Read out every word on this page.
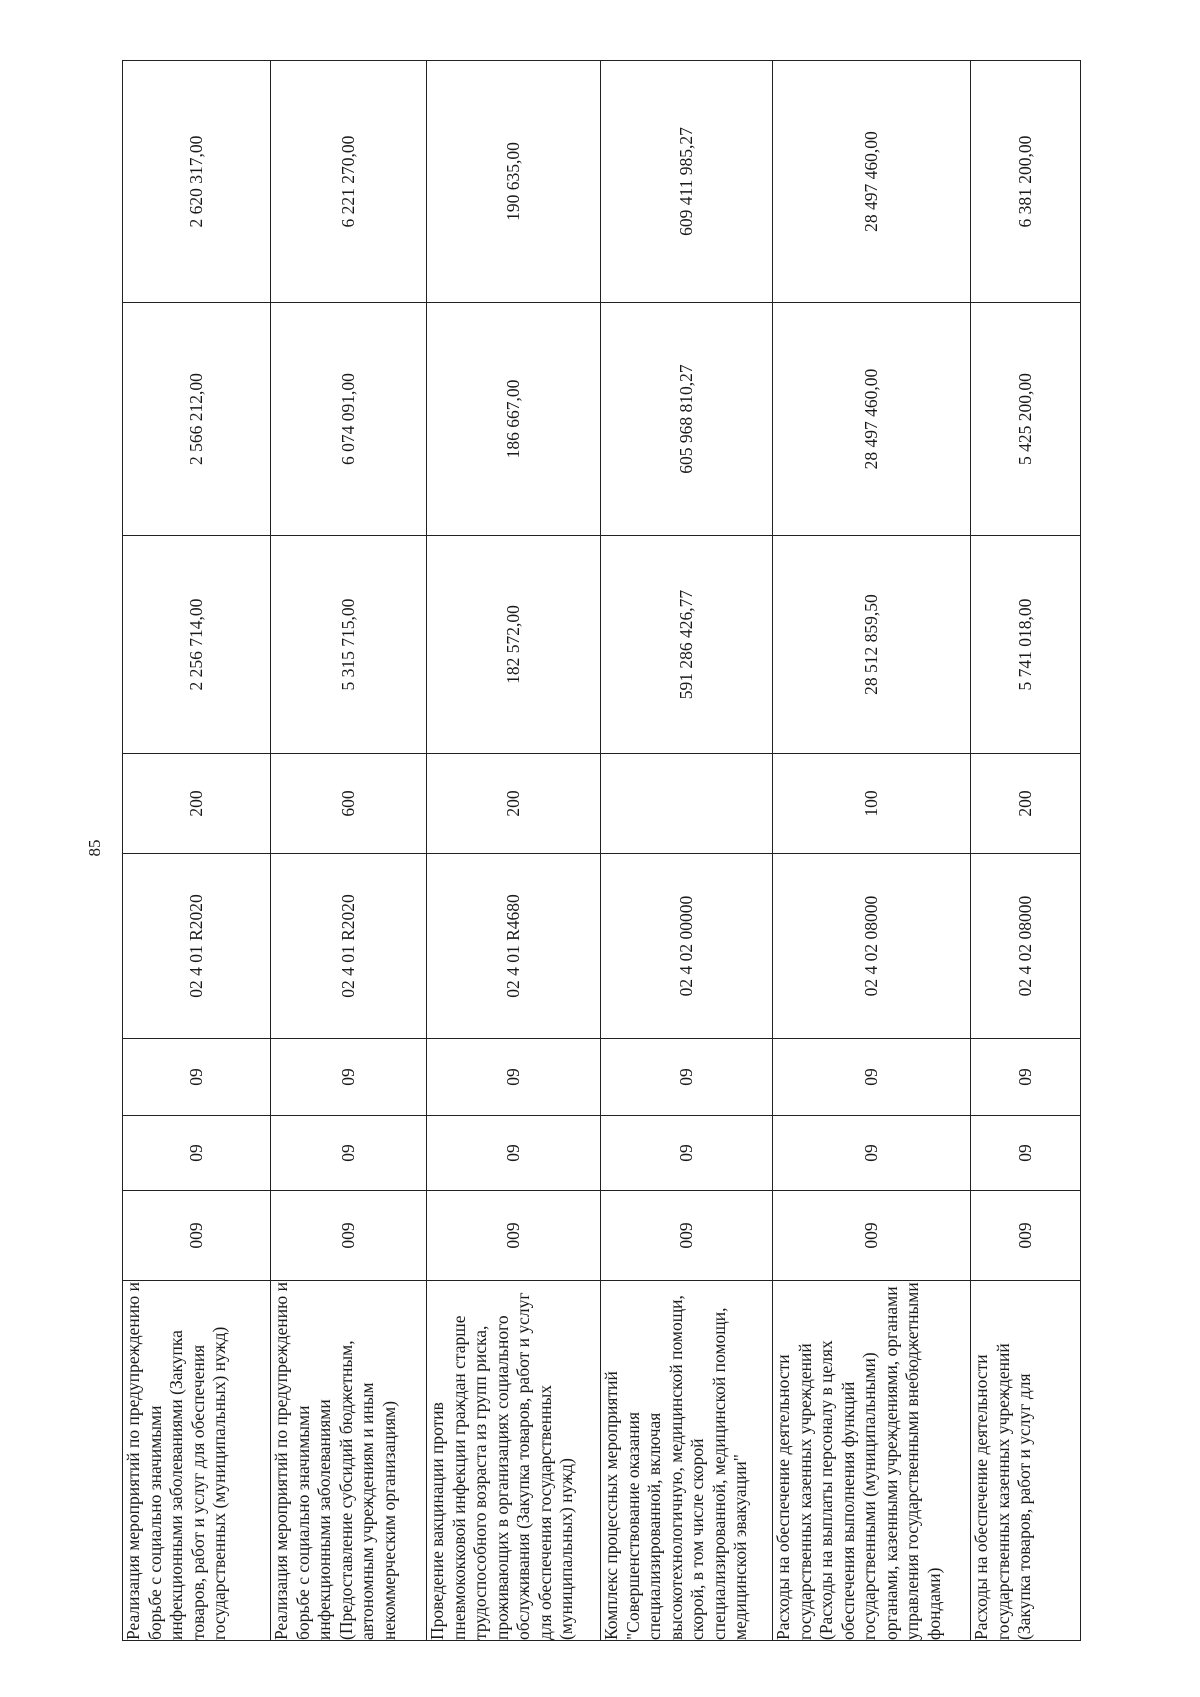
85
Реализация мероприятий по предупреждению и борьбе с социально значимыми инфекционными заболеваниями (Закупка товаров, работ и услуг для обеспечения государственных (муниципальных) нужд)	009	09	09	02 4 01 R2020	200	2 256 714,00	2 566 212,00	2 620 317,00
Реализация мероприятий по предупреждению и борьбе с социально значимыми инфекционными заболеваниями (Предоставление субсидий бюджетным, автономным учреждениям и иным некоммерческим организациям)	009	09	09	02 4 01 R2020	600	5 315 715,00	6 074 091,00	6 221 270,00
Проведение вакцинации против пневмококковой инфекции граждан старше трудоспособного возраста из групп риска, проживающих в организациях социального обслуживания (Закупка товаров, работ и услуг для обеспечения государственных (муниципальных) нужд)	009	09	09	02 4 01 R4680	200	182 572,00	186 667,00	190 635,00
Комплекс процессных мероприятий "Совершенствование оказания специализированной, включая высокотехнологичную, медицинской помощи, скорой, в том числе скорой специализированной, медицинской помощи, медицинской эвакуации"	009	09	09	02 4 02 00000		591 286 426,77	605 968 810,27	609 411 985,27
Расходы на обеспечение деятельности государственных казенных учреждений (Расходы на выплаты персоналу в целях обеспечения выполнения функций государственными (муниципальными) органами, казенными учреждениями, органами управления государственными внебюджетными фондами)	009	09	09	02 4 02 08000	100	28 512 859,50	28 497 460,00	28 497 460,00
Расходы на обеспечение деятельности государственных казенных учреждений (Закупка товаров, работ и услуг для	009	09	09	02 4 02 08000	200	5 741 018,00	5 425 200,00	6 381 200,00
